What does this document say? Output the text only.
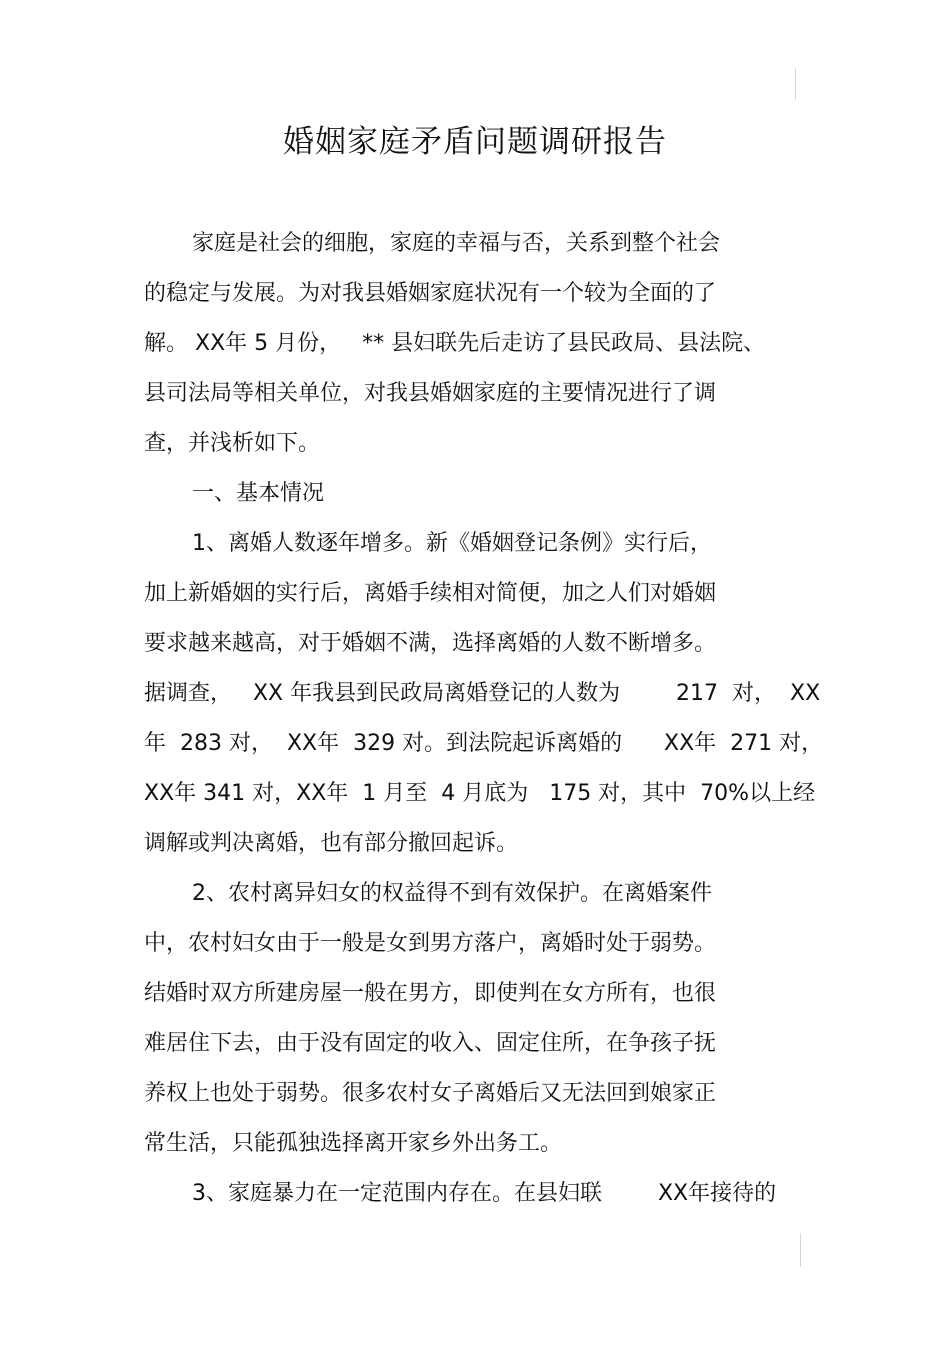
婚姻家庭矛盾问题调研报告

家庭是社会的细胞，家庭的幸福与否，关系到整个社会

的稳定与发展。为对我县婚姻家庭状况有一个较为全面的了

解。 XX年 5 月份，   ** 县妇联先后走访了县民政局、县法院、

县司法局等相关单位，对我县婚姻家庭的主要情况进行了调

查，并浅析如下。

一、基本情况

1、离婚人数逐年增多。新《婚姻登记条例》实行后，

加上新婚姻的实行后，离婚手续相对简便，加之人们对婚姻

要求越来越高，对于婚姻不满，选择离婚的人数不断增多。

据调查，   XX 年我县到民政局离婚登记的人数为        217  对，  XX

年  283 对，  XX年  329 对。到法院起诉离婚的      XX年  271 对，

XX年 341 对，XX年  1 月至  4 月底为   175 对，其中  70%以上经

调解或判决离婚，也有部分撤回起诉。

2、农村离异妇女的权益得不到有效保护。在离婚案件

中，农村妇女由于一般是女到男方落户，离婚时处于弱势。

结婚时双方所建房屋一般在男方，即使判在女方所有，也很

难居住下去，由于没有固定的收入、固定住所，在争孩子抚

养权上也处于弱势。很多农村女子离婚后又无法回到娘家正

常生活，只能孤独选择离开家乡外出务工。

3、家庭暴力在一定范围内存在。在县妇联        XX年接待的
